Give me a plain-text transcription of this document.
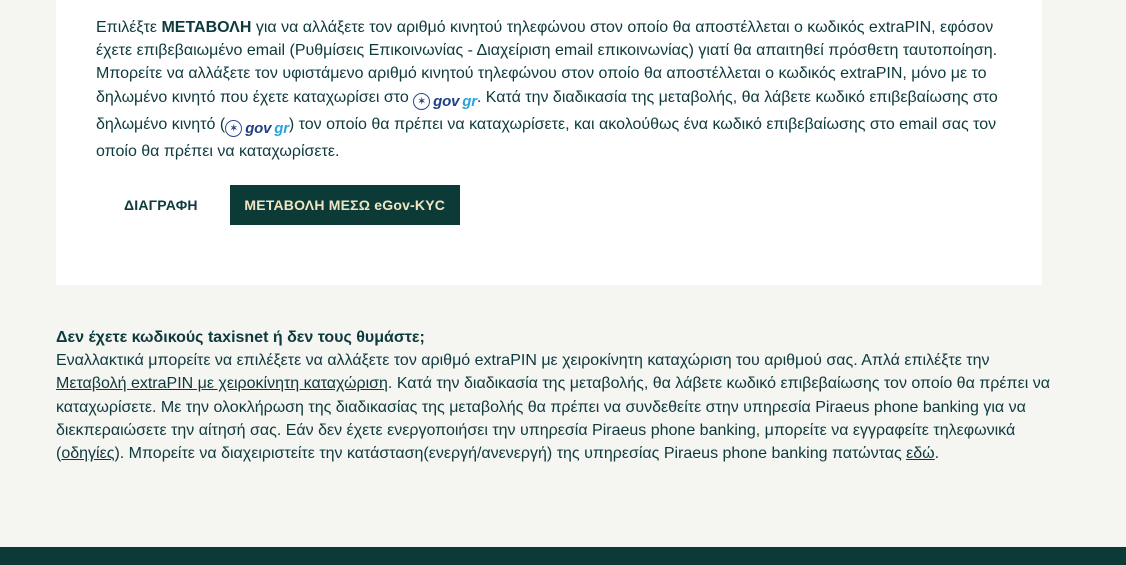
Επιλέξτε ΜΕΤΑΒΟΛΗ για να αλλάξετε τον αριθμό κινητού τηλεφώνου στον οποίο θα αποστέλλεται ο κωδικός extraPIN, εφόσον έχετε επιβεβαιωμένο email (Ρυθμίσεις Επικοινωνίας - Διαχείριση email επικοινωνίας) γιατί θα απαιτηθεί πρόσθετη ταυτοποίηση. Μπορείτε να αλλάξετε τον υφιστάμενο αριθμό κινητού τηλεφώνου στον οποίο θα αποστέλλεται ο κωδικός extraPIN, μόνο με το δηλωμένο κινητό που έχετε καταχωρίσει στο ✶ gov gr . Κατά την διαδικασία της μεταβολής, θα λάβετε κωδικό επιβεβαίωσης στο δηλωμένο κινητό ( ✶ gov gr ) τον οποίο θα πρέπει να καταχωρίσετε, και ακολούθως ένα κωδικό επιβεβαίωσης στο email σας τον οποίο θα πρέπει να καταχωρίσετε.
ΔΙΑΓΡΑΦΗ	ΜΕΤΑΒΟΛΗ ΜΕΣΩ eGov-KYC
Δεν έχετε κωδικούς taxisnet ή δεν τους θυμάστε;
Εναλλακτικά μπορείτε να επιλέξετε να αλλάξετε τον αριθμό extraPIN με χειροκίνητη καταχώριση του αριθμού σας. Απλά επιλέξτε την Μεταβολή extraPIN με χειροκίνητη καταχώριση. Κατά την διαδικασία της μεταβολής, θα λάβετε κωδικό επιβεβαίωσης τον οποίο θα πρέπει να καταχωρίσετε. Με την ολοκλήρωση της διαδικασίας της μεταβολής θα πρέπει να συνδεθείτε στην υπηρεσία Piraeus phone banking για να διεκπεραιώσετε την αίτησή σας. Εάν δεν έχετε ενεργοποιήσει την υπηρεσία Piraeus phone banking, μπορείτε να εγγραφείτε τηλεφωνικά (οδηγίες). Μπορείτε να διαχειριστείτε την κατάσταση(ενεργή/ανενεργή) της υπηρεσίας Piraeus phone banking πατώντας εδώ.
